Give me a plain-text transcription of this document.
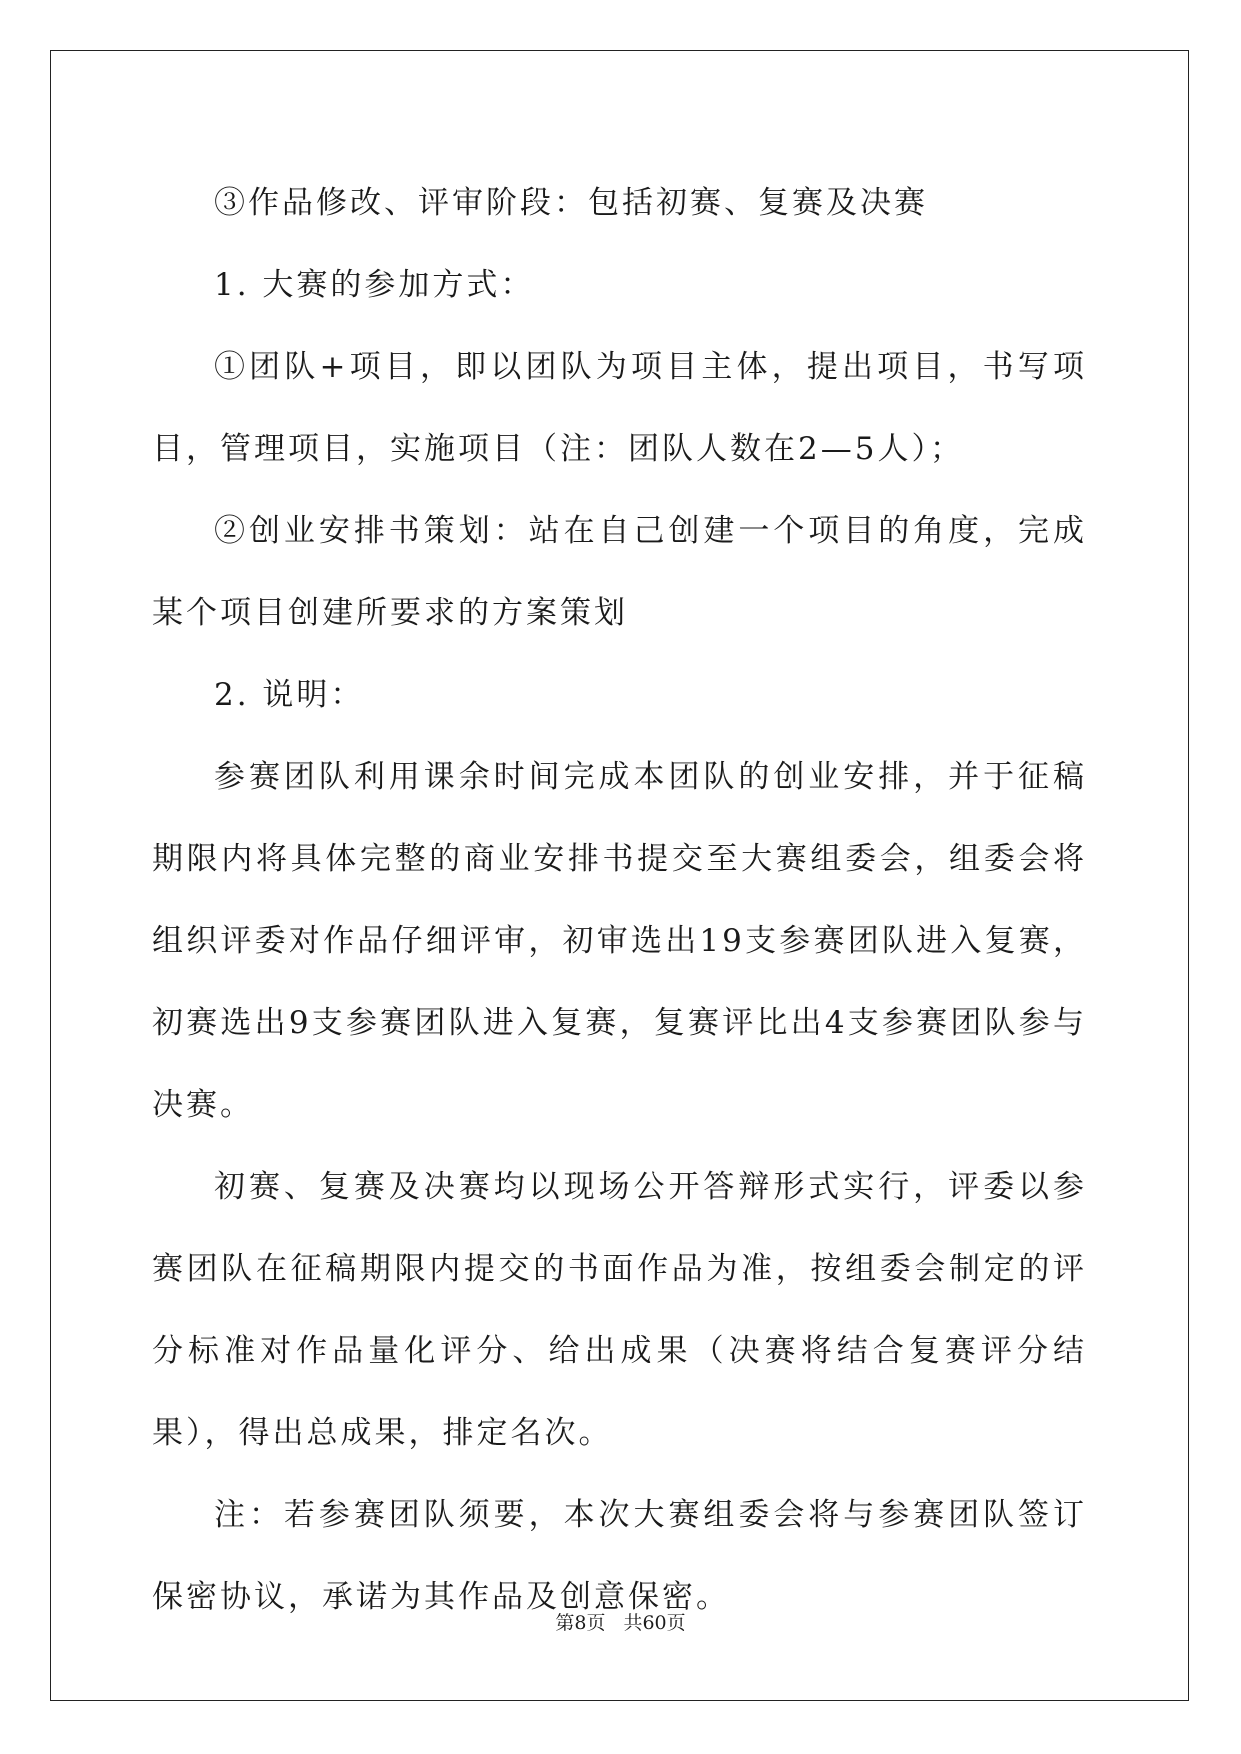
③作品修改、评审阶段：包括初赛、复赛及决赛

1. 大赛的参加方式：

①团队+项目，即以团队为项目主体，提出项目，书写项目，管理项目，实施项目（注：团队人数在2—5人）；

②创业安排书策划：站在自己创建一个项目的角度，完成某个项目创建所要求的方案策划

2. 说明：

参赛团队利用课余时间完成本团队的创业安排，并于征稿期限内将具体完整的商业安排书提交至大赛组委会，组委会将组织评委对作品仔细评审，初审选出19支参赛团队进入复赛，初赛选出9支参赛团队进入复赛，复赛评比出4支参赛团队参与决赛。

初赛、复赛及决赛均以现场公开答辩形式实行，评委以参赛团队在征稿期限内提交的书面作品为准，按组委会制定的评分标准对作品量化评分、给出成果（决赛将结合复赛评分结果），得出总成果，排定名次。

注：若参赛团队须要，本次大赛组委会将与参赛团队签订保密协议，承诺为其作品及创意保密。

第8页 共60页
